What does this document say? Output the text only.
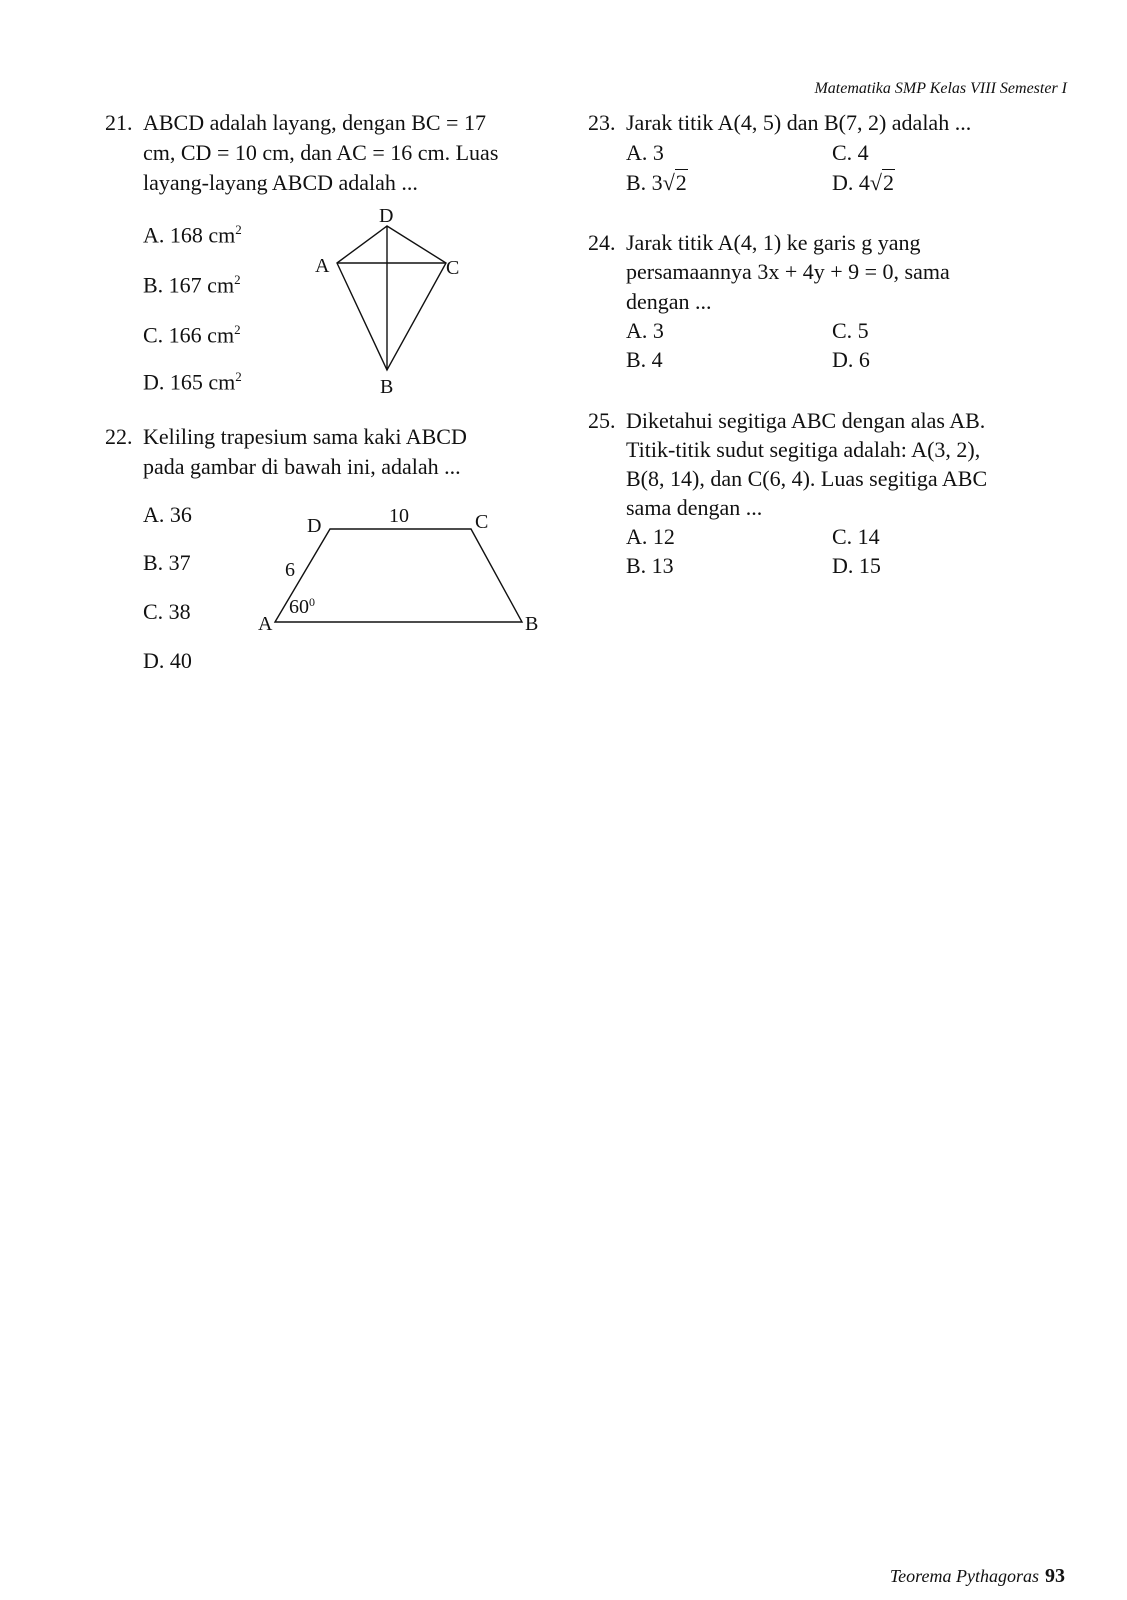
Matematika SMP Kelas VIII Semester I
21. ABCD adalah layang, dengan BC = 17
cm, CD = 10 cm, dan AC = 16 cm. Luas
layang-layang ABCD adalah ...
A. 168 $cm^2$
B. 167 $cm^2$
C. 166 $cm^2$
D. 165 $cm^2$
D
A	C
B
22. Keliling trapesium sama kaki ABCD
pada gambar di bawah ini, adalah ...
A. 36
B. 37
C. 38
D. 40
A	B
C
D	10
6
$60^0$
23. Jarak titik A(4, 5) dan B(7, 2) adalah ...
A. 3	C. 4
B. 3√2	D. 4√2
24. Jarak titik A(4, 1) ke garis g yang
persamaannya 3x + 4y + 9 = 0, sama
dengan ...
A. 3	C. 5
B. 4	D. 6
25. Diketahui segitiga ABC dengan alas AB.
Titik-titik sudut segitiga adalah: A(3, 2),
B(8, 14), dan C(6, 4). Luas segitiga ABC
sama dengan ...
A. 12	C. 14
B. 13	D. 15
Teorema Pythagoras 93
